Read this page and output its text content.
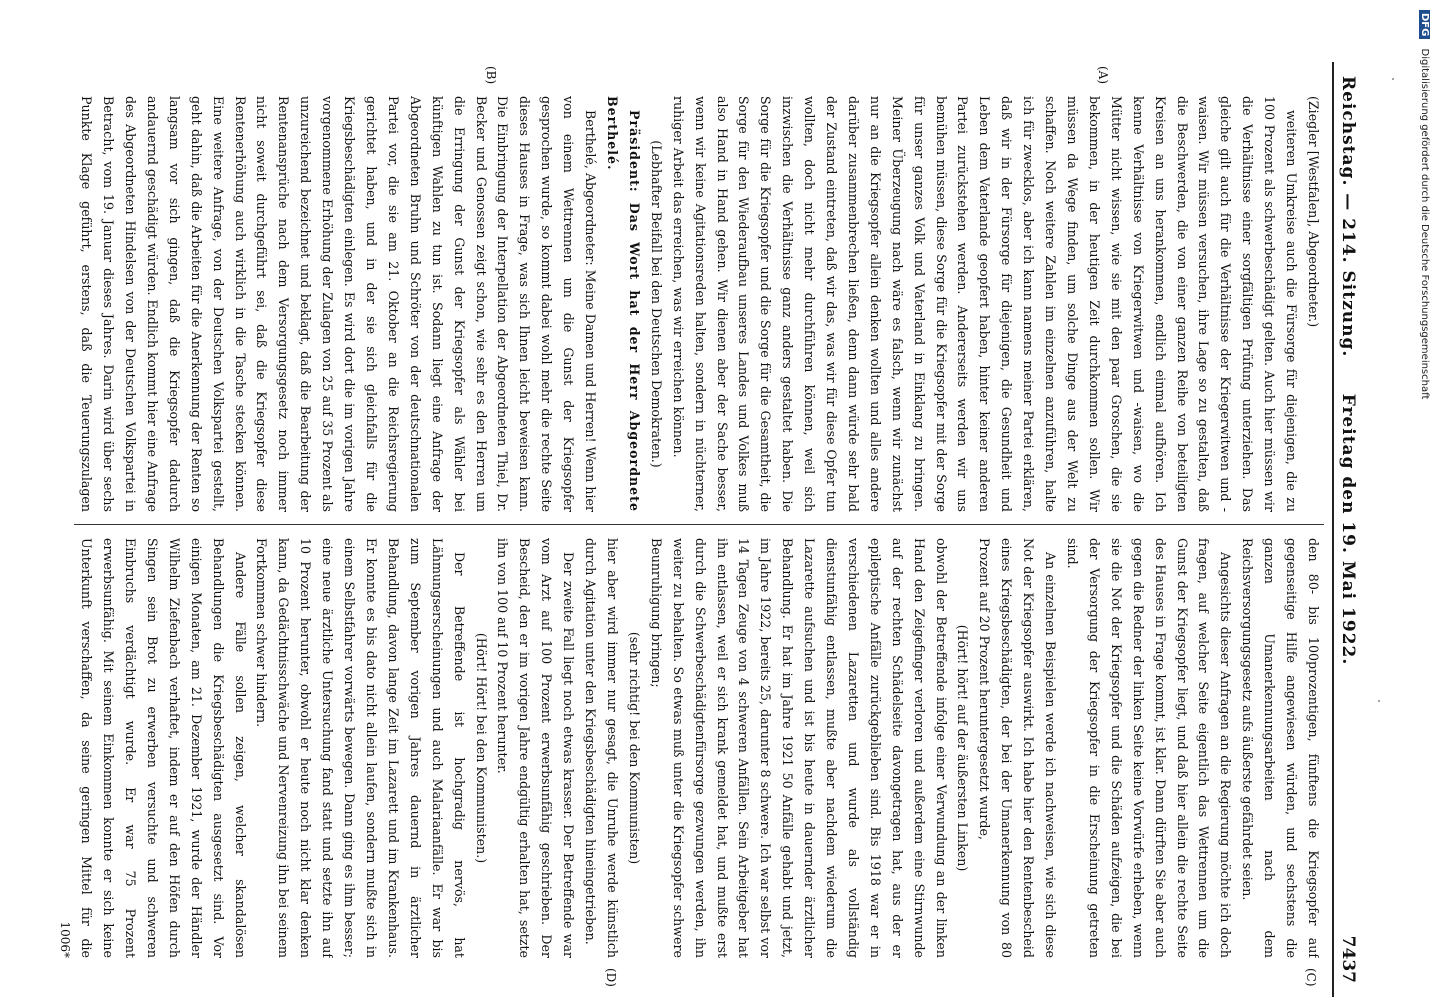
Reichstag. — 214. Sitzung.
Freitag den 19. Mai 1922.
7437
(A)
(B)
(C)
(D)

(Ziegler [Westfalen], Abgeordneter.)

weiteren Umkreise auch die Fürsorge für diejenigen, die zu 100 Prozent als schwerbeschädigt gelten. Auch hier müssen wir die Verhältnisse einer sorgfältigen Prüfung unterziehen. Das gleiche gilt auch für die Verhältnisse der Kriegerwitwen und -waisen. Wir müssen versuchen, ihre Lage so zu gestalten, daß die Beschwerden, die von einer ganzen Reihe von beteiligten Kreisen an uns herankommen, endlich einmal aufhören. Ich kenne Verhältnisse von Kriegerwitwen und -waisen, wo die Mütter nicht wissen, wie sie mit den paar Groschen, die sie bekommen, in der heutigen Zeit durchkommen sollen. Wir müssen da Wege finden, um solche Dinge aus der Welt zu schaffen. Noch weitere Zahlen im einzelnen anzuführen, halte ich für zwecklos, aber ich kann namens meiner Partei erklären, daß wir in der Fürsorge für diejenigen, die Gesundheit und Leben dem Vaterlande geopfert haben, hinter keiner anderen Partei zurückstehen werden. Andererseits werden wir uns bemühen müssen, diese Sorge für die Kriegsopfer mit der Sorge für unser ganzes Volk und Vaterland in Einklang zu bringen. Meiner Überzeugung nach wäre es falsch, wenn wir zunächst nur an die Kriegsopfer allein denken wollten und alles andere darüber zusammenbrechen ließen, denn dann würde sehr bald der Zustand eintreten, daß wir das, was wir für diese Opfer tun wollten, doch nicht mehr durchführen können, weil sich inzwischen die Verhältnisse ganz anders gestaltet haben. Die Sorge für die Kriegsopfer und die Sorge für die Gesamtheit, die Sorge für den Wiederaufbau unseres Landes und Volkes muß also Hand in Hand gehen. Wir dienen aber der Sache besser, wenn wir keine Agitationsreden halten, sondern in nüchterner, ruhiger Arbeit das erreichen, was wir erreichen können.

(Lebhafter Beifall bei den Deutschen Demokraten.)

Präsident: Das Wort hat der Herr Abgeordnete Berthelé.

Berthelé, Abgeordneter: Meine Damen und Herren! Wenn hier von einem Wettrennen um die Gunst der Kriegsopfer gesprochen wurde, so kommt dabei wohl mehr die rechte Seite dieses Hauses in Frage, was sich Ihnen leicht beweisen kann. Die Einbringung der Interpellation der Abgeordneten Thiel, Dr. Becker und Genossen zeigt schon, wie sehr es den Herren um die Erringung der Gunst der Kriegsopfer als Wähler bei künftigen Wahlen zu tun ist. Sodann liegt eine Anfrage der Abgeordneten Bruhn und Schröter von der deutschnationalen Partei vor, die sie am 21. Oktober an die Reichsregierung gerichtet haben, und in der sie sich gleichfalls für die Kriegsbeschädigten einlegen. Es wird dort die im vorigen Jahre vorgenommene Erhöhung der Zulagen von 25 auf 35 Prozent als unzureichend bezeichnet und beklagt, daß die Bearbeitung der Rentenansprüche nach dem Versorgungsgesetz noch immer nicht soweit durchgeführt sei, daß die Kriegsopfer diese Rentenerhöhung auch wirklich in die Tasche stecken können. Eine weitere Anfrage, von der Deutschen Volkspartei gestellt, geht dahin, daß die Arbeiten für die Anerkennung der Renten so langsam vor sich gingen, daß die Kriegsopfer dadurch andauernd geschädigt würden. Endlich kommt hier eine Anfrage des Abgeordneten Hindelsen von der Deutschen Volkspartei in Betracht, vom 19. Januar dieses Jahres. Darin wird über sechs Punkte Klage geführt, erstens, daß die Teuerungszulagen

den 80- bis 100prozentigen, fünftens die Kriegsopfer auf gegenseitige Hilfe angewiesen würden, und sechstens die ganzen Umanerkennungsarbeiten nach dem Reichsversorgungsgesetz aufs äußerste gefährdet seien.

Angesichts dieser Anfragen an die Regierung möchte ich doch fragen, auf welcher Seite eigentlich das Wettrennen um die Gunst der Kriegsopfer liegt, und daß hier allein die rechte Seite des Hauses in Frage kommt, ist klar. Dann dürften Sie aber auch gegen die Redner der linken Seite keine Vorwürfe erheben, wenn sie die Not der Kriegsopfer und die Schäden aufzeigen, die bei der Versorgung der Kriegsopfer in die Erscheinung getreten sind.

An einzelnen Beispielen werde ich nachweisen, wie sich diese Not der Kriegsopfer auswirkt. Ich habe hier den Rentenbescheid eines Kriegsbeschädigten, der bei der Umanerkennung von 80 Prozent auf 20 Prozent heruntergesetzt wurde,

(Hört! hört! auf der äußersten Linken)

obwohl der Betreffende infolge einer Verwundung an der linken Hand den Zeigefinger verloren und außerdem eine Stirnwunde auf der rechten Schädelseite davongetragen hat, aus der er epileptische Anfälle zurückgeblieben sind. Bis 1918 war er in verschiedenen Lazaretten und wurde als vollständig dienstunfähig entlassen, mußte aber nachdem wiederum die Lazarette aufsuchen und ist bis heute in dauernder ärztlicher Behandlung. Er hat im Jahre 1921 50 Anfälle gehabt und jetzt, im Jahre 1922, bereits 25, darunter 8 schwere. Ich war selbst vor 14 Tagen Zeuge von 4 schweren Anfällen. Sein Arbeitgeber hat ihn entlassen, weil er sich krank gemeldet hat, und mußte erst durch die Schwerbeschädigtenfürsorge gezwungen werden, ihn weiter zu behalten. So etwas muß unter die Kriegsopfer schwere Beunruhigung bringen;

(sehr richtig! bei den Kommunisten)

hier aber wird immer nur gesagt, die Unruhe werde künstlich durch Agitation unter den Kriegsbeschädigten hineingetrieben.

Der zweite Fall liegt noch etwas krasser. Der Betreffende war vom Arzt auf 100 Prozent erwerbsunfähig geschrieben. Der Bescheid, den er im vorigen Jahre endgültig erhalten hat, setzte ihn von 100 auf 10 Prozent herunter.

(Hört! Hört! bei den Kommunisten.)

Der Betreffende ist hochgradig nervös, hat Lähmungserscheinungen und auch Malariaanfälle. Er war bis zum September vorigen Jahres dauernd in ärztlicher Behandlung, davon lange Zeit im Lazarett und im Krankenhaus. Er konnte es bis dato nicht allein laufen, sondern mußte sich in einem Selbstfahrer vorwärts bewegen. Dann ging es ihm besser; eine neue ärztliche Untersuchung fand statt und setzte ihn auf 10 Prozent herunter, obwohl er heute noch nicht klar denken kann, da Gedächtnisschwäche und Nervenreizung ihn bei seinem Fortkommen schwer hindern.

Andere Fälle sollen zeigen, welcher skandalösen Behandlungen die Kriegsbeschädigten ausgesetzt sind. Vor einigen Monaten, am 21. Dezember 1921, wurde der Händler Wilhelm Ziefenbach verhaftet, indem er auf den Höfen durch Singen sein Brot zu erwerben versuchte und schweren Einbruchs verdächtigt wurde. Er war 75 Prozent erwerbsunfähig. Mit seinem Einkommen konnte er sich keine Unterkunft verschaffen, da seine geringen Mittel für die

1006*
DFG Digitalisierung gefördert durch die Deutsche Forschungsgemeinschaft
